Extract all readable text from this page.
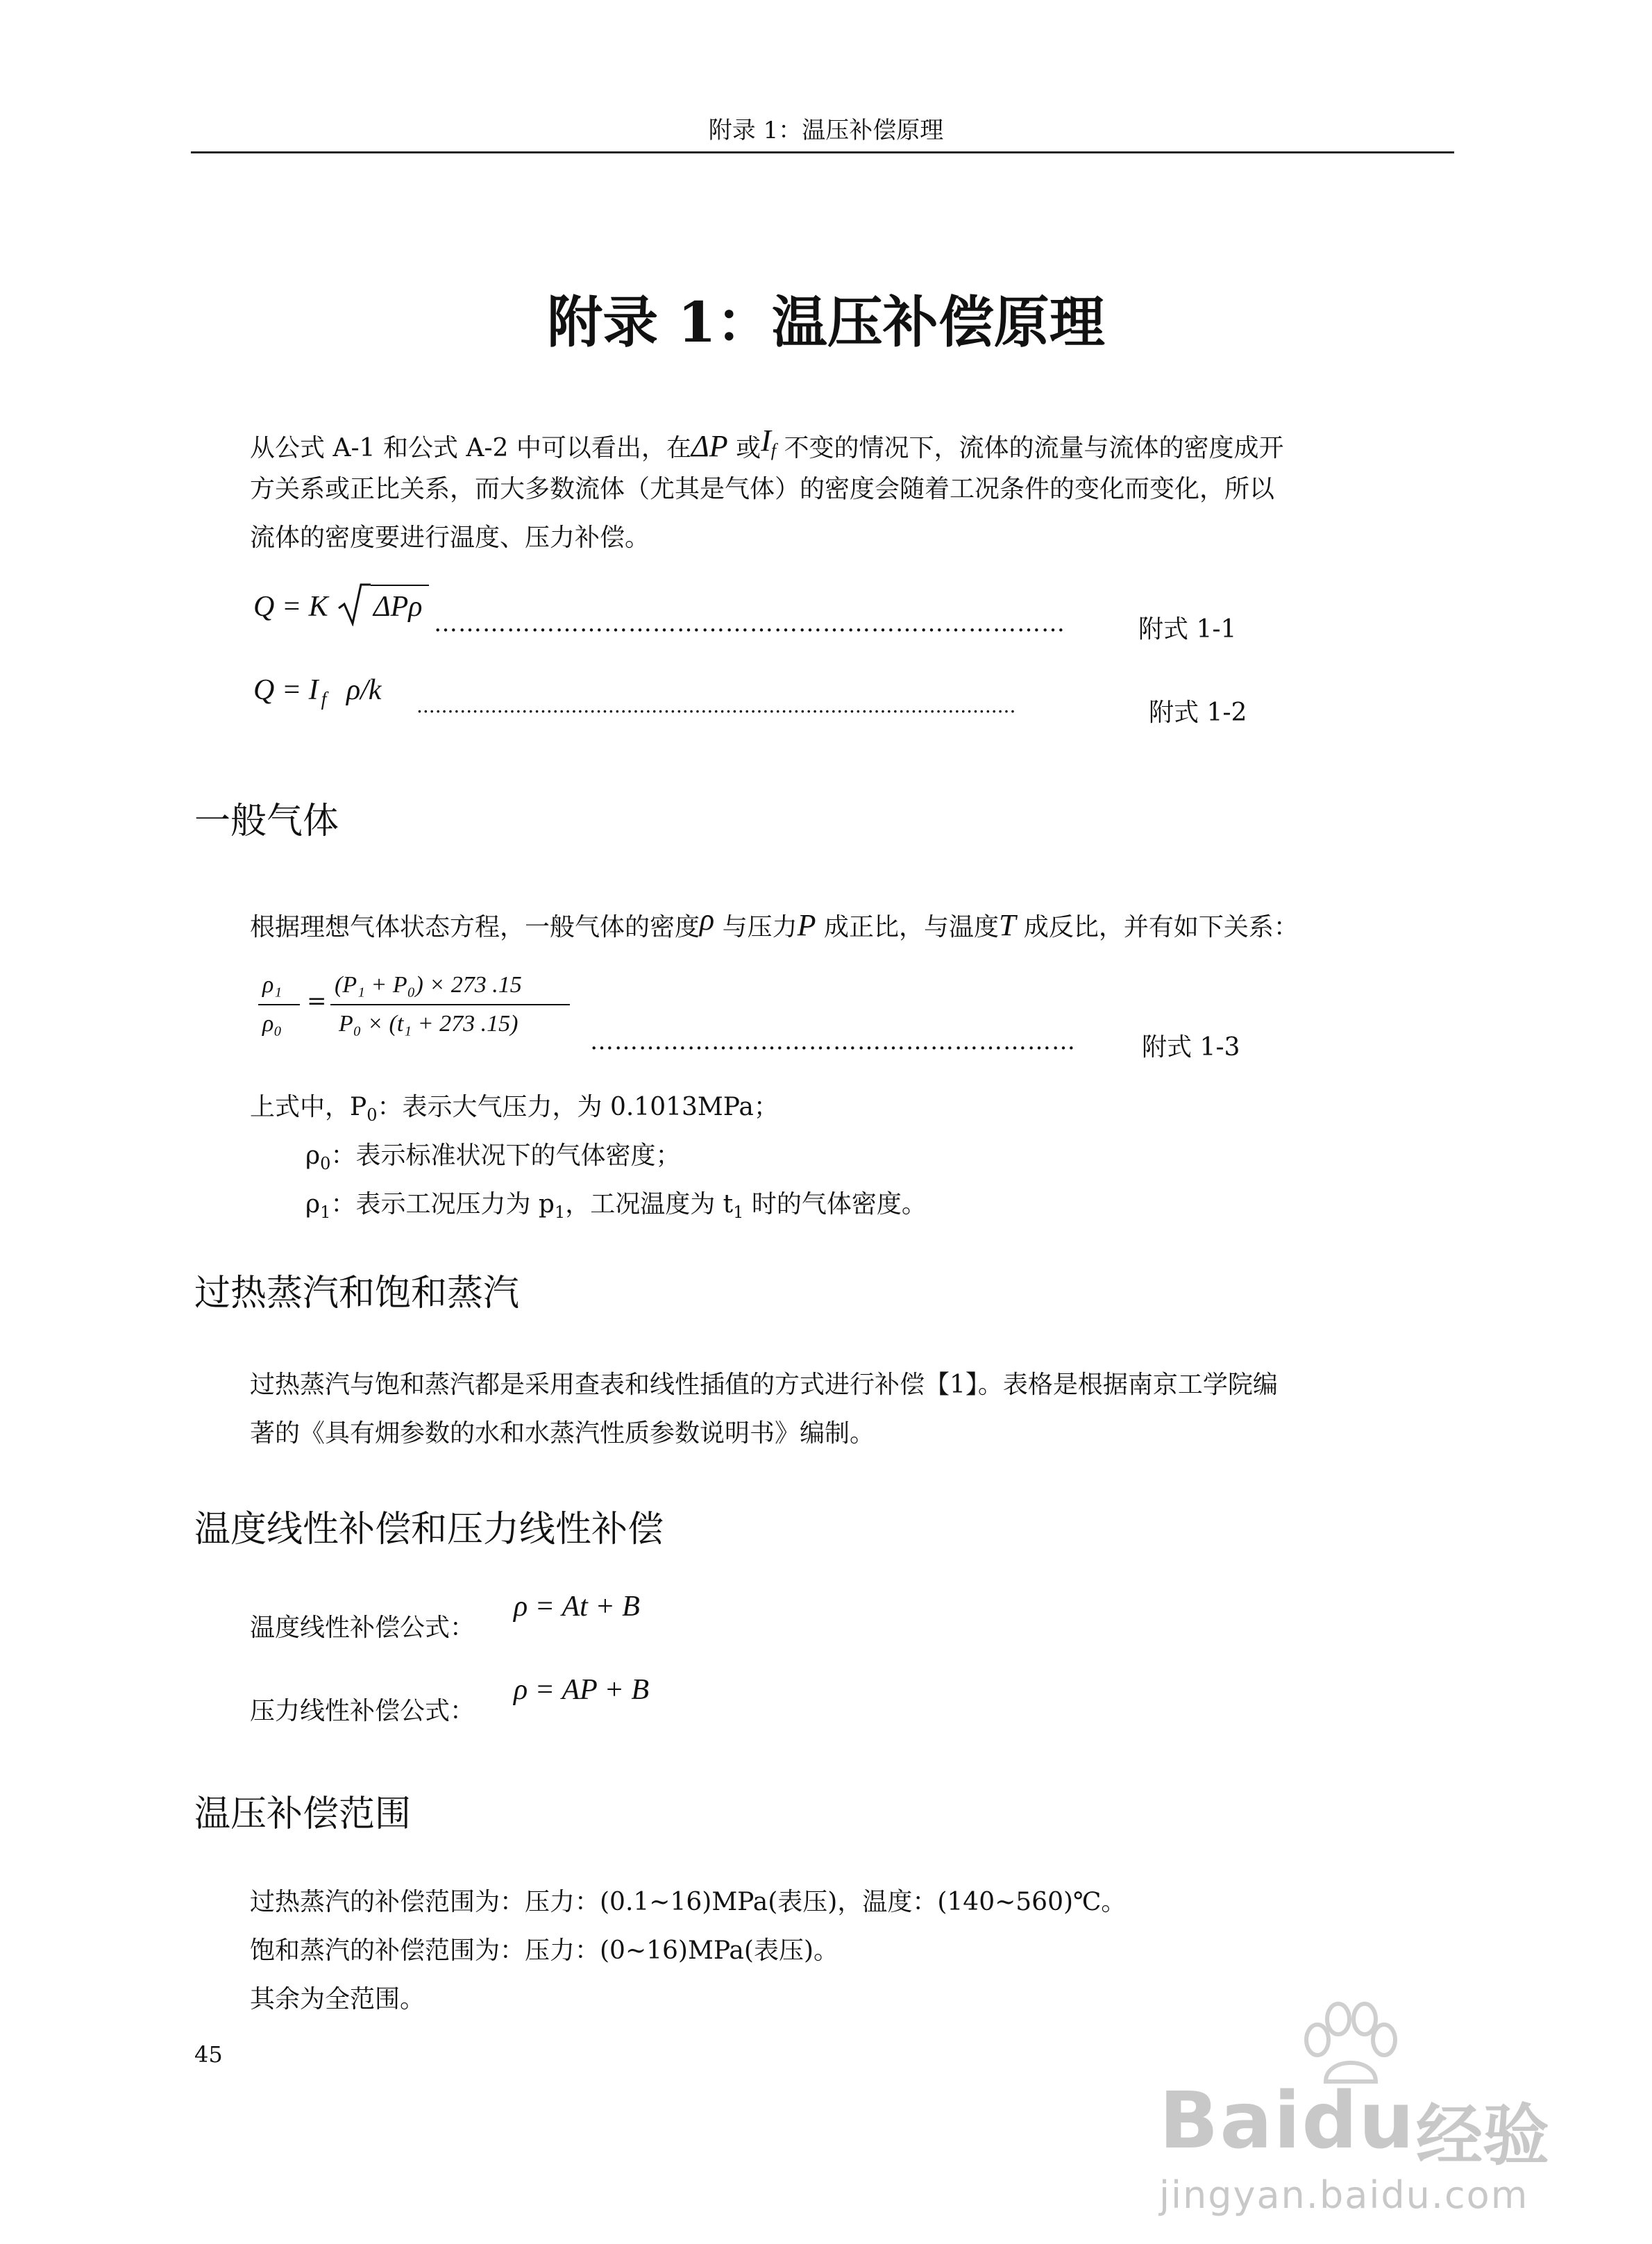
附录 1：温压补偿原理
附录 1：温压补偿原理
从公式 A-1 和公式 A-2 中可以看出，在ΔP 或If 不变的情况下，流体的流量与流体的密度成开
方关系或正比关系，而大多数流体（尤其是气体）的密度会随着工况条件的变化而变化，所以
流体的密度要进行温度、压力补偿。
Q = K ΔPρ
……………………………………………………………………	附式 1-1
Q = I $_f$ ρ/k .................................................................................................	附式 1-2
一般气体
根据理想气体状态方程，一般气体的密度ρ 与压力P 成正比，与温度T 成反比，并有如下关系：
ρ₁
ρ₀
=
(P₁ + P₀) × 273 .15
P₀ × (t₁ + 273 .15)
……………………………………………………	附式 1-3
上式中，$P_0$：表示大气压力，为 0.1013MPa；
$\rho_0$：表示标准状况下的气体密度；
$\rho_1$：表示工况压力为 $p_1$，工况温度为 $t_1$ 时的气体密度。
过热蒸汽和饱和蒸汽
过热蒸汽与饱和蒸汽都是采用查表和线性插值的方式进行补偿【1】。表格是根据南京工学院编
著的《具有㶲参数的水和水蒸汽性质参数说明书》编制。
温度线性补偿和压力线性补偿
温度线性补偿公式：
ρ = At + B
压力线性补偿公式：
ρ = AP + B
温压补偿范围
过热蒸汽的补偿范围为：压力：(0.1~16)MPa(表压)，温度：(140~560)℃。
饱和蒸汽的补偿范围为：压力：(0~16)MPa(表压)。
其余为全范围。
45
Baidu 经验
jingyan.baidu.com
